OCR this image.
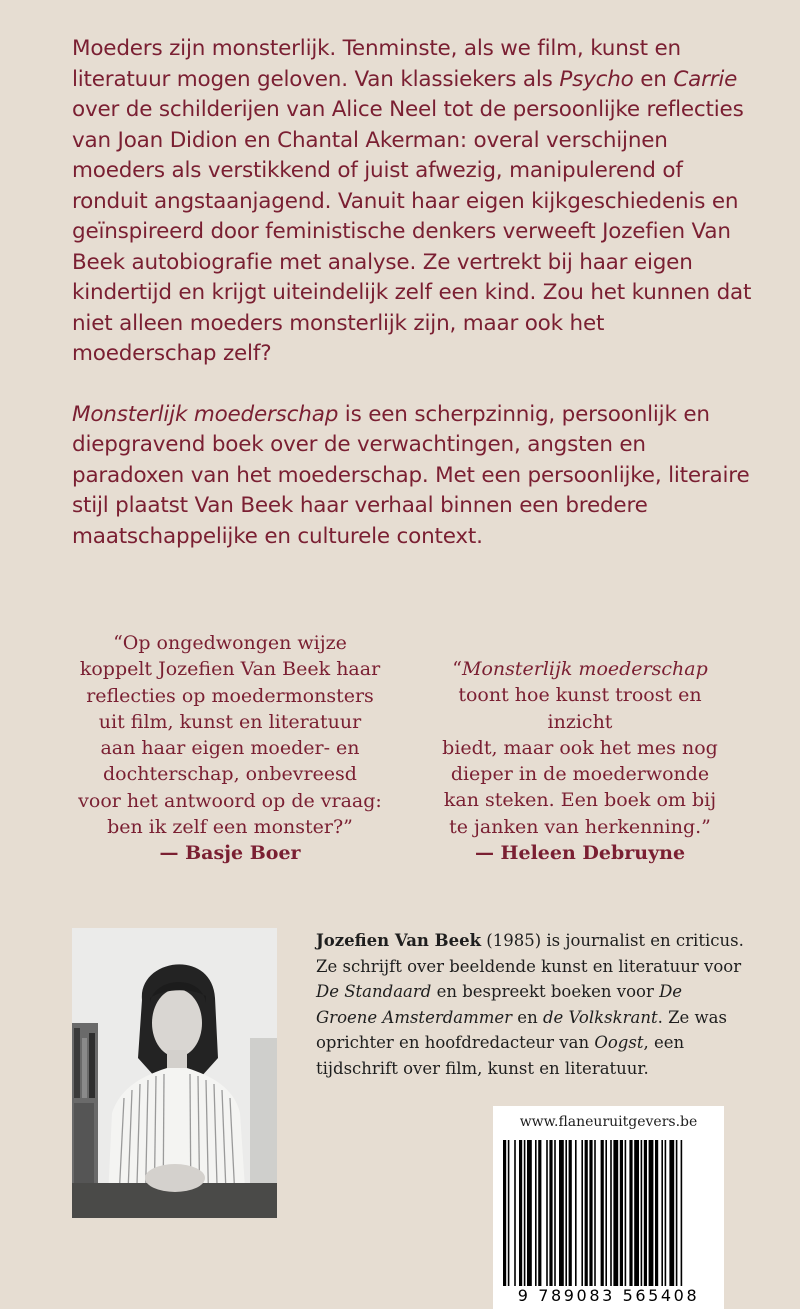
Moeders zijn monsterlijk. Tenminste, als we film, kunst en literatuur mogen geloven. Van klassiekers als Psycho en Carrie over de schilderijen van Alice Neel tot de persoonlijke reflecties van Joan Didion en Chantal Akerman: overal verschijnen moeders als verstikkend of juist afwezig, manipulerend of ronduit angstaanjagend. Vanuit haar eigen kijkgeschiedenis en geïnspireerd door feministische denkers verweeft Jozefien Van Beek autobiografie met analyse. Ze vertrekt bij haar eigen kindertijd en krijgt uiteindelijk zelf een kind. Zou het kunnen dat niet alleen moeders monsterlijk zijn, maar ook het moederschap zelf?

Monsterlijk moederschap is een scherpzinnig, persoonlijk en diepgravend boek over de verwachtingen, angsten en paradoxen van het moederschap. Met een persoonlijke, literaire stijl plaatst Van Beek haar verhaal binnen een bredere maatschappelijke en culturele context.

“Op ongedwongen wijze
koppelt Jozefien Van Beek haar
reflecties op moedermonsters
uit film, kunst en literatuur
aan haar eigen moeder- en
dochterschap, onbevreesd
voor het antwoord op de vraag:
ben ik zelf een monster?”
— Basje Boer
“Monsterlijk moederschap
toont hoe kunst troost en inzicht
biedt, maar ook het mes nog
dieper in de moederwonde
kan steken. Een boek om bij
te janken van herkenning.”
— Heleen Debruyne
Jozefien Van Beek (1985) is journalist en criticus. Ze schrijft over beeldende kunst en literatuur voor De Standaard en bespreekt boeken voor De Groene Amsterdammer en de Volkskrant. Ze was oprichter en hoofdredacteur van Oogst, een tijdschrift over film, kunst en literatuur.
www.flaneuruitgevers.be
9 789083 565408
